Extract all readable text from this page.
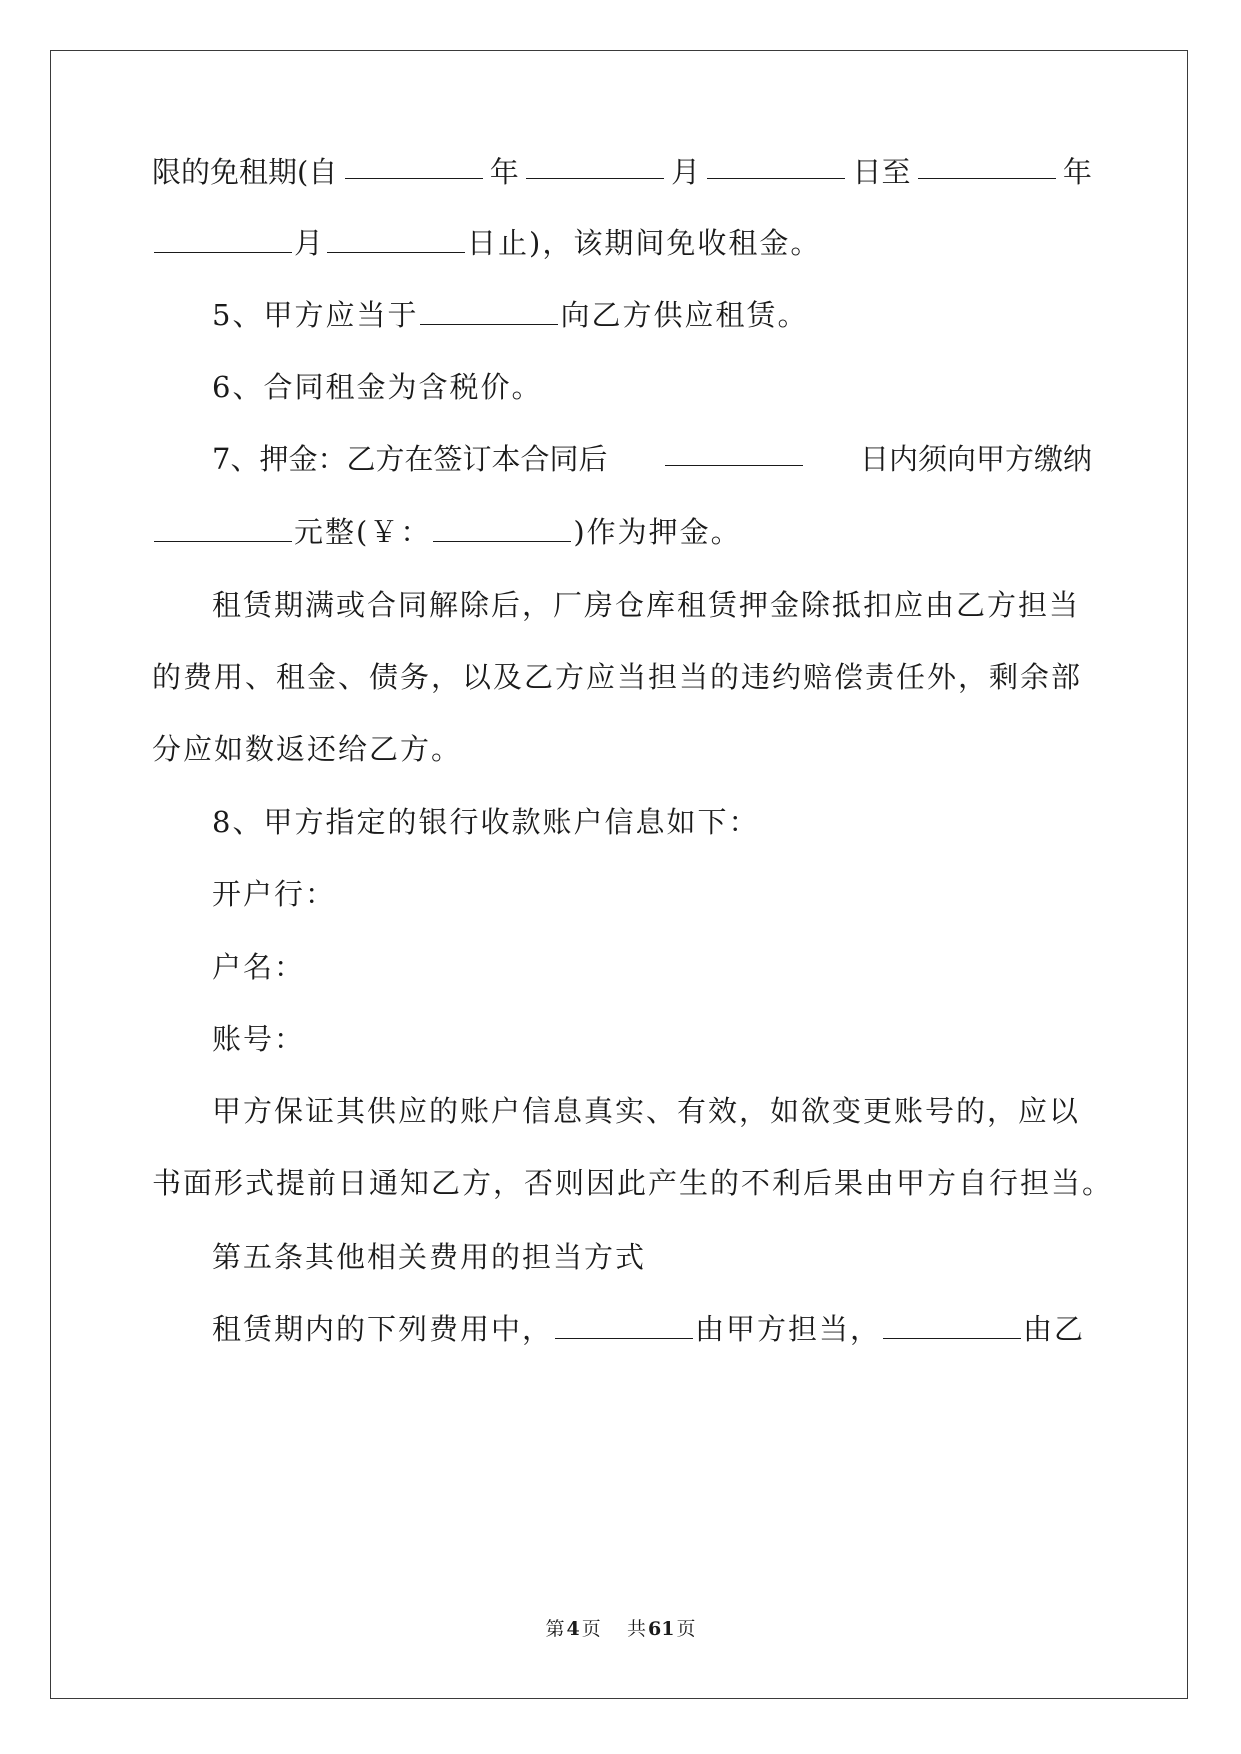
限的免租期(自	年	月	日至	年
月	日止)，该期间免收租金。
5、甲方应当于	向乙方供应租赁。
6、合同租金为含税价。
7、押金：乙方在签订本合同后	日内须向甲方缴纳
元整(￥：	)作为押金。
租赁期满或合同解除后，厂房仓库租赁押金除抵扣应由乙方担当
的费用、租金、债务，以及乙方应当担当的违约赔偿责任外，剩余部
分应如数返还给乙方。
8、甲方指定的银行收款账户信息如下：
开户行：
户名：
账号：
甲方保证其供应的账户信息真实、有效，如欲变更账号的，应以
书面形式提前日通知乙方，否则因此产生的不利后果由甲方自行担当。
第五条其他相关费用的担当方式
租赁期内的下列费用中，	由甲方担当，	由乙
第 4 页 共 61 页
